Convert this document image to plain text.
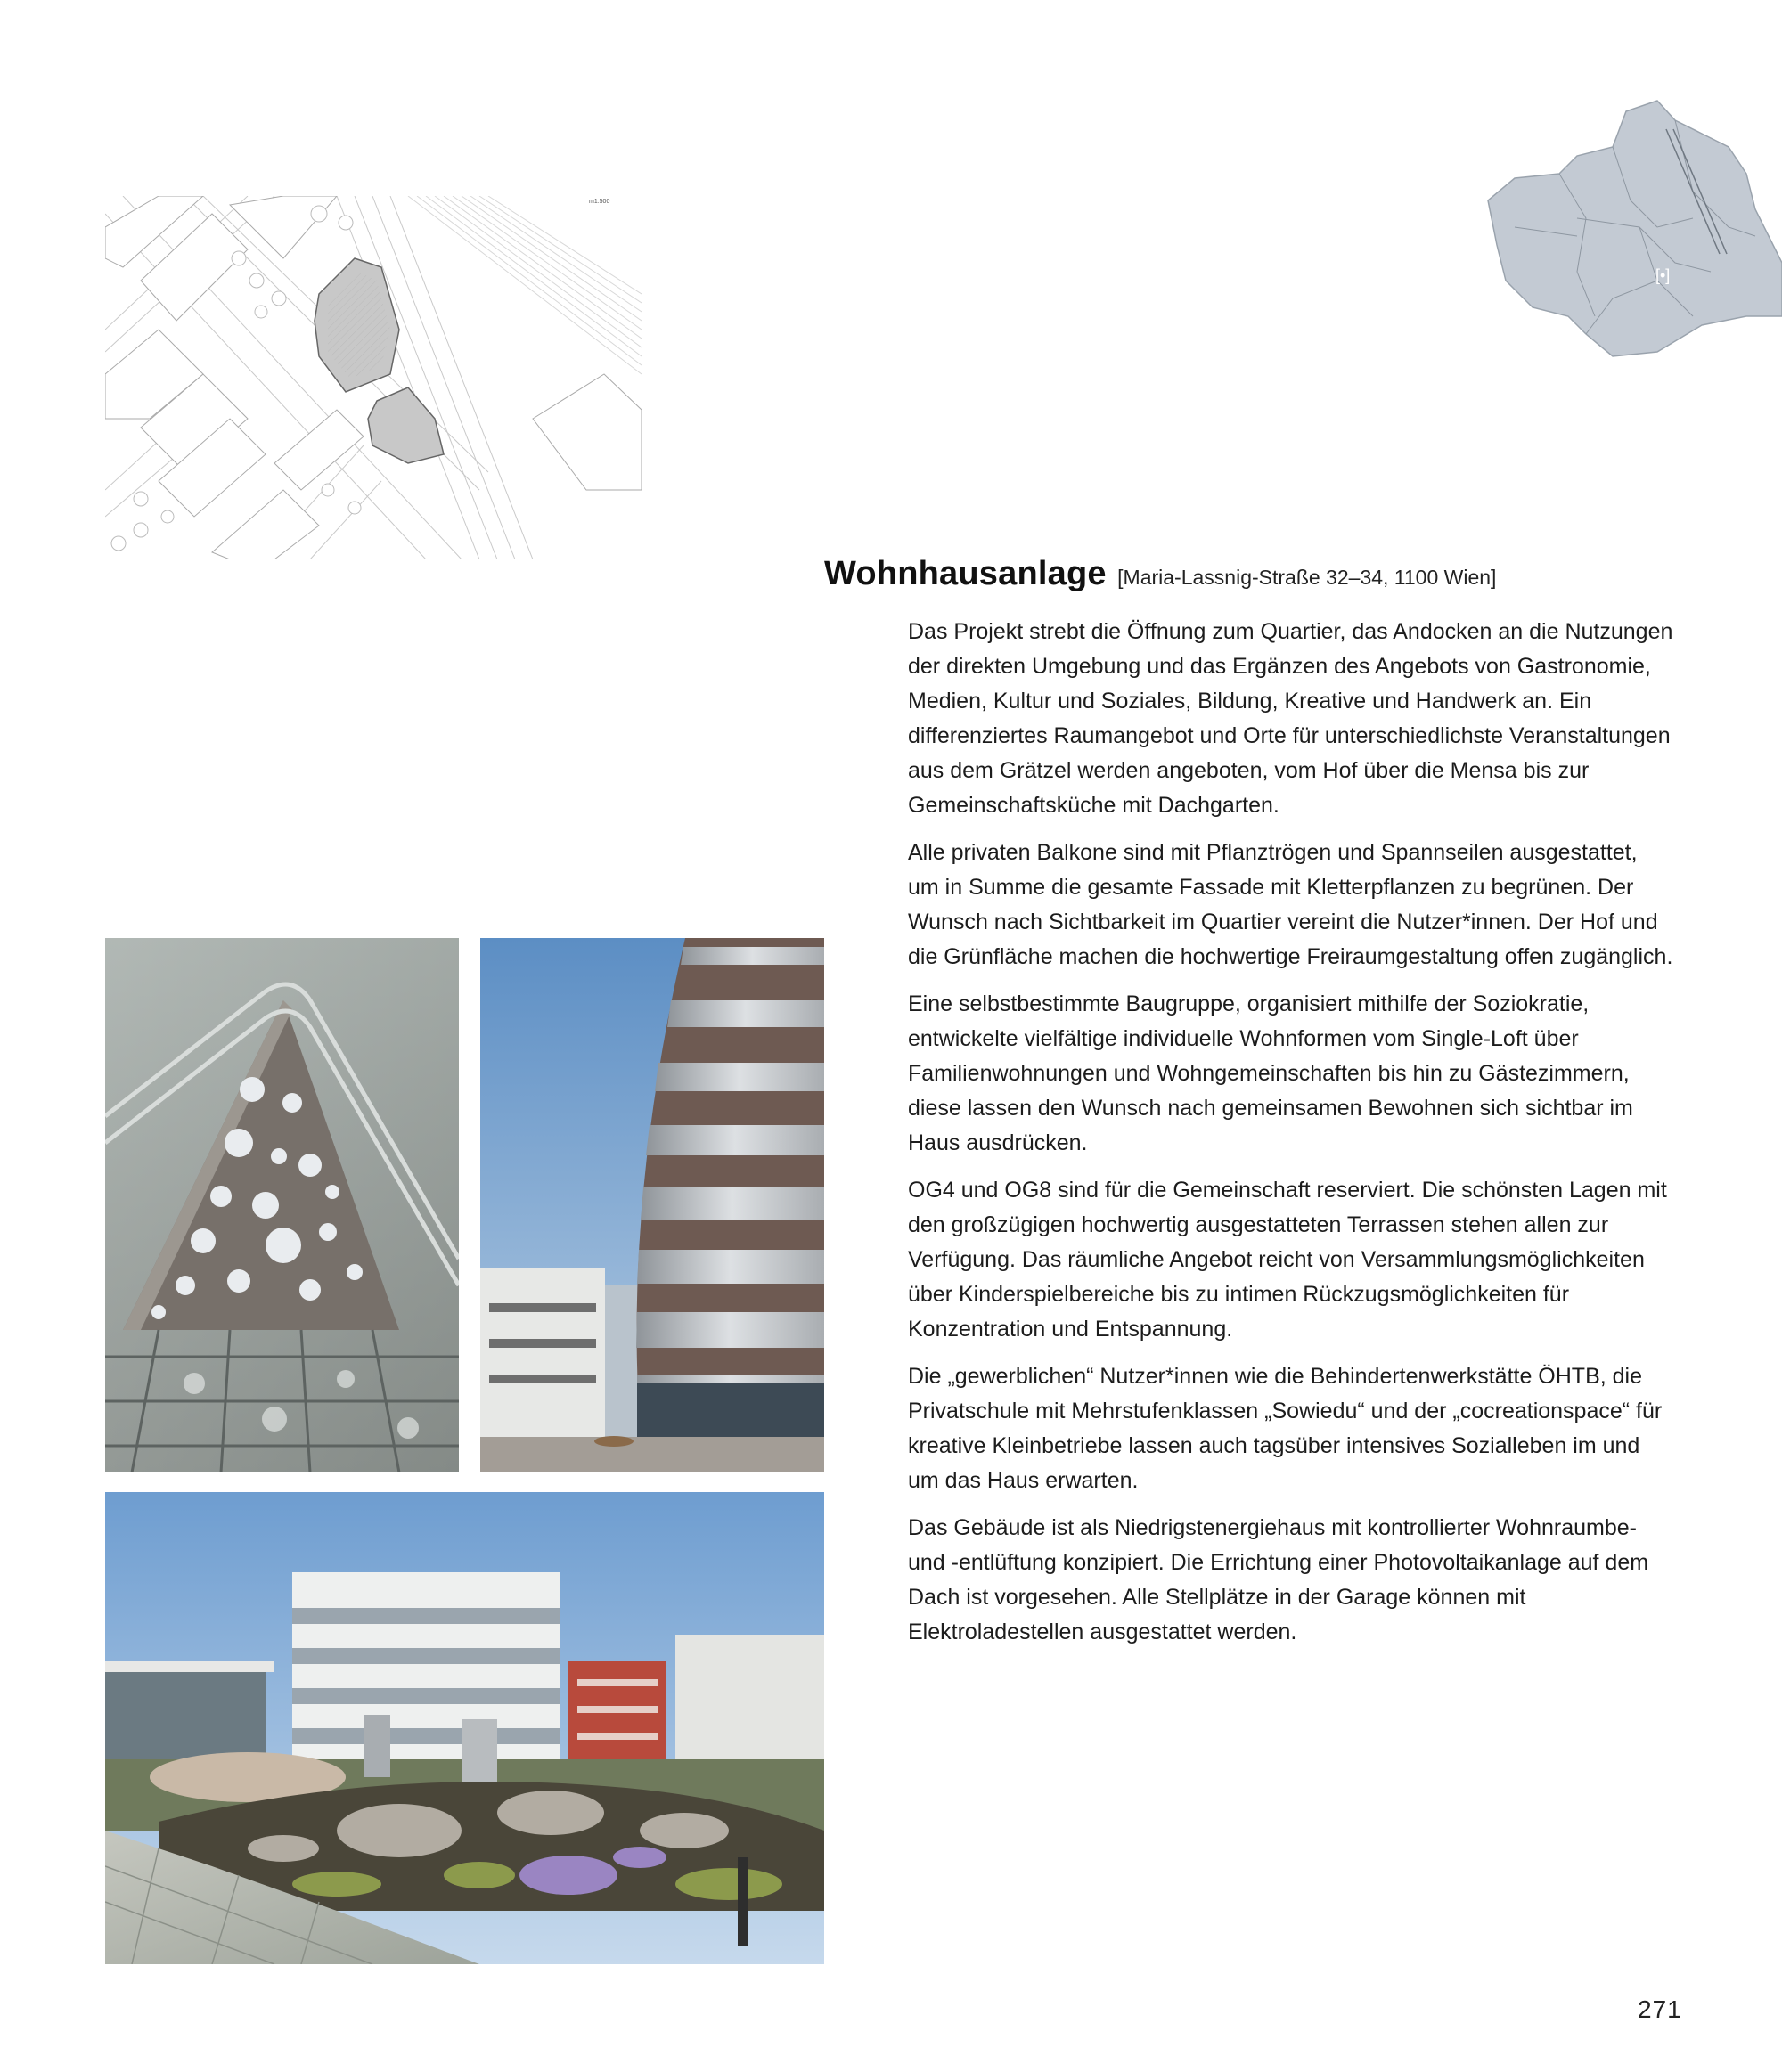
m1:500
[•]
Wohnhausanlage [Maria-Lassnig-Straße 32–34, 1100 Wien]

Das Projekt strebt die Öffnung zum Quartier, das Andocken an die Nutzungen der direkten Umgebung und das Ergänzen des Angebots von Gastronomie, Medien, Kultur und Soziales, Bildung, Kreative und Handwerk an. Ein differenziertes Raumangebot und Orte für unterschiedlichste Veranstaltungen aus dem Grätzel werden angeboten, vom Hof über die Mensa bis zur Gemeinschaftsküche mit Dachgarten.

Alle privaten Balkone sind mit Pflanztrögen und Spannseilen ausgestattet, um in Summe die gesamte Fassade mit Kletterpflanzen zu begrünen. Der Wunsch nach Sichtbarkeit im Quartier vereint die Nutzer*innen. Der Hof und die Grünfläche machen die hochwertige Freiraumgestaltung offen zugänglich.

Eine selbstbestimmte Baugruppe, organisiert mithilfe der Soziokratie, entwickelte vielfältige individuelle Wohnformen vom Single-Loft über Familienwohnungen und Wohngemeinschaften bis hin zu Gästezimmern, diese lassen den Wunsch nach gemeinsamen Bewohnen sich sichtbar im Haus ausdrücken.

OG4 und OG8 sind für die Gemeinschaft reserviert. Die schönsten Lagen mit den großzügigen hochwertig ausgestatteten Terrassen stehen allen zur Verfügung. Das räumliche Angebot reicht von Versammlungsmöglichkeiten über Kinderspielbereiche bis zu intimen Rückzugsmöglichkeiten für Konzentration und Entspannung.

Die „gewerblichen“ Nutzer*innen wie die Behindertenwerkstätte ÖHTB, die Privatschule mit Mehrstufenklassen „Sowiedu“ und der „cocreationspace“ für kreative Kleinbetriebe lassen auch tagsüber intensives Sozialleben im und um das Haus erwarten.

Das Gebäude ist als Niedrigstenergiehaus mit kontrollierter Wohnraumbe- und -entlüftung konzipiert. Die Errichtung einer Photovoltaikanlage auf dem Dach ist vorgesehen. Alle Stellplätze in der Garage können mit Elektroladestellen ausgestattet werden.

271
